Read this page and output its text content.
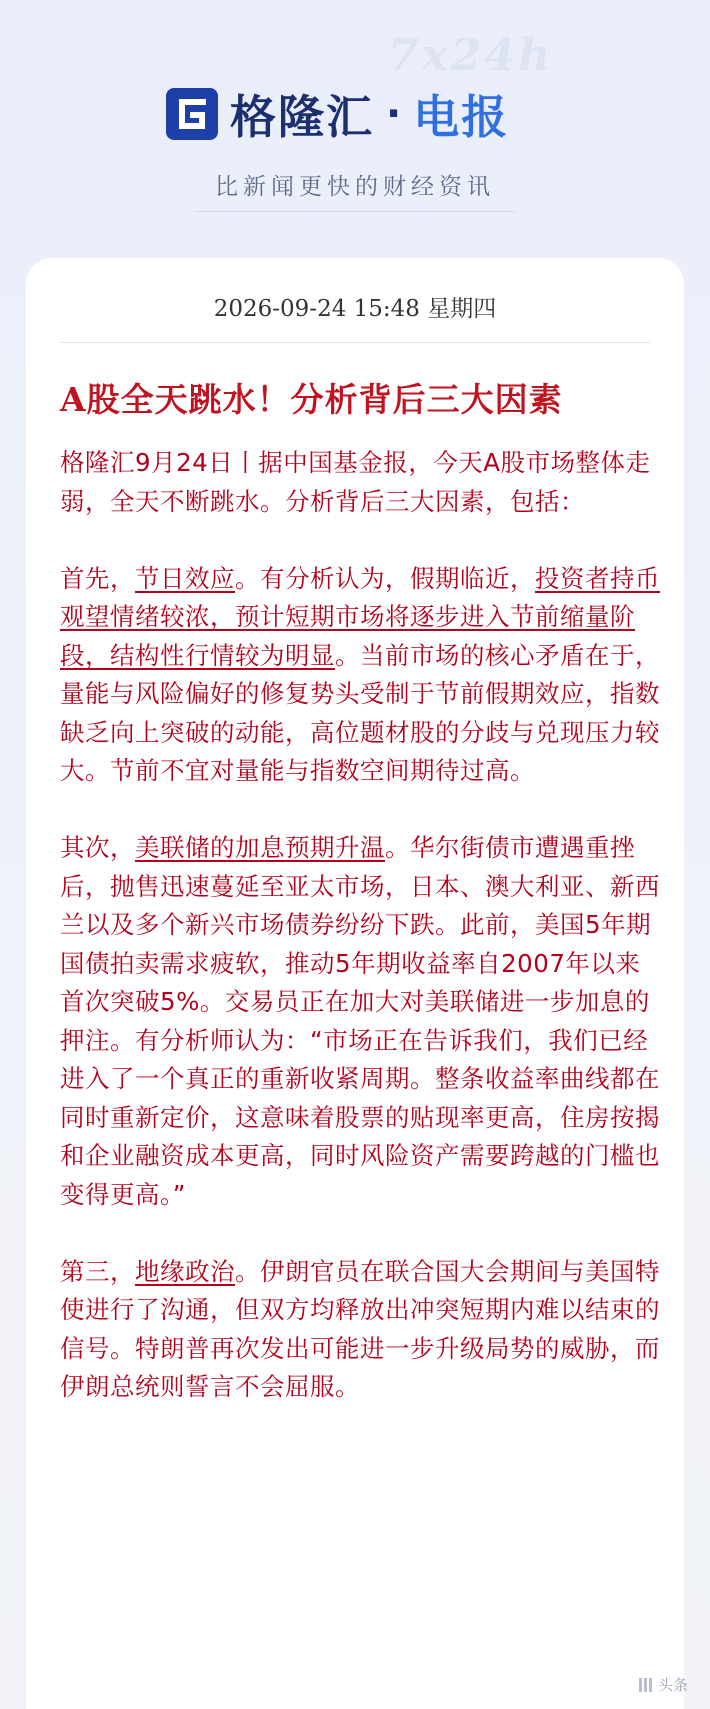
7x24h
格隆汇 · 电报
比新闻更快的财经资讯
2026-09-24 15:48 星期四
A股全天跳水！分析背后三大因素

格隆汇9月24日丨据中国基金报，今天A股市场整体走弱，全天不断跳水。分析背后三大因素，包括：

首先，节日效应。有分析认为，假期临近，投资者持币观望情绪较浓，预计短期市场将逐步进入节前缩量阶段，结构性行情较为明显。当前市场的核心矛盾在于，量能与风险偏好的修复势头受制于节前假期效应，指数缺乏向上突破的动能，高位题材股的分歧与兑现压力较大。节前不宜对量能与指数空间期待过高。

其次，美联储的加息预期升温。华尔街债市遭遇重挫后，抛售迅速蔓延至亚太市场，日本、澳大利亚、新西兰以及多个新兴市场债券纷纷下跌。此前，美国5年期国债拍卖需求疲软，推动5年期收益率自2007年以来首次突破5%。交易员正在加大对美联储进一步加息的押注。有分析师认为：“市场正在告诉我们，我们已经进入了一个真正的重新收紧周期。整条收益率曲线都在同时重新定价，这意味着股票的贴现率更高，住房按揭和企业融资成本更高，同时风险资产需要跨越的门槛也变得更高。”

第三，地缘政治。伊朗官员在联合国大会期间与美国特使进行了沟通，但双方均释放出冲突短期内难以结束的信号。特朗普再次发出可能进一步升级局势的威胁，而伊朗总统则誓言不会屈服。

头条
